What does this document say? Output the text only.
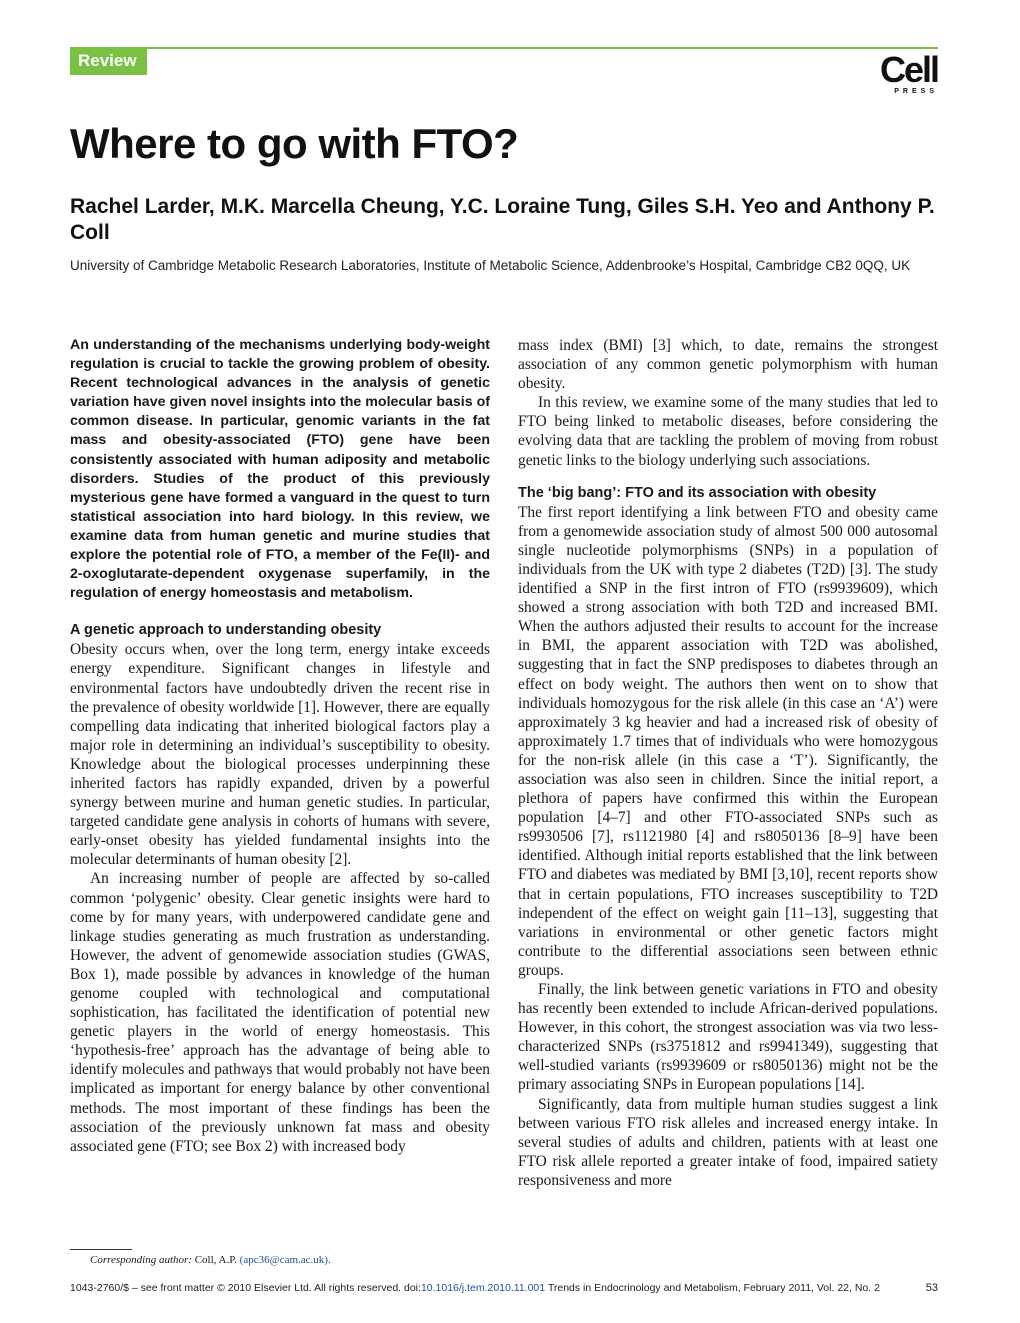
Review	Cell
PRESS
Where to go with FTO?
Rachel Larder, M.K. Marcella Cheung, Y.C. Loraine Tung, Giles S.H. Yeo and Anthony P. Coll
University of Cambridge Metabolic Research Laboratories, Institute of Metabolic Science, Addenbrooke’s Hospital, Cambridge CB2 0QQ, UK

An understanding of the mechanisms underlying body-weight regulation is crucial to tackle the growing problem of obesity. Recent technological advances in the analysis of genetic variation have given novel insights into the molecular basis of common disease. In particular, genomic variants in the fat mass and obesity-associated (FTO) gene have been consistently associated with human adiposity and metabolic disorders. Studies of the product of this previously mysterious gene have formed a vanguard in the quest to turn statistical association into hard biology. In this review, we examine data from human genetic and murine studies that explore the potential role of FTO, a member of the Fe(II)- and 2-oxoglutarate-dependent oxygenase superfamily, in the regulation of energy homeostasis and metabolism.

A genetic approach to understanding obesity

Obesity occurs when, over the long term, energy intake exceeds energy expenditure. Significant changes in lifestyle and environmental factors have undoubtedly driven the recent rise in the prevalence of obesity worldwide [1]. However, there are equally compelling data indicating that inherited biological factors play a major role in determining an individual’s susceptibility to obesity. Knowledge about the biological processes underpinning these inherited factors has rapidly expanded, driven by a powerful synergy between murine and human genetic studies. In particular, targeted candidate gene analysis in cohorts of humans with severe, early-onset obesity has yielded fundamental insights into the molecular determinants of human obesity [2].

An increasing number of people are affected by so-called common ‘polygenic’ obesity. Clear genetic insights were hard to come by for many years, with underpowered candidate gene and linkage studies generating as much frustration as understanding. However, the advent of genomewide association studies (GWAS, Box 1), made possible by advances in knowledge of the human genome coupled with technological and computational sophistication, has facilitated the identification of potential new genetic players in the world of energy homeostasis. This ‘hypothesis-free’ approach has the advantage of being able to identify molecules and pathways that would probably not have been implicated as important for energy balance by other conventional methods. The most important of these findings has been the association of the previously unknown fat mass and obesity associated gene (FTO; see Box 2) with increased body

mass index (BMI) [3] which, to date, remains the strongest association of any common genetic polymorphism with human obesity.

In this review, we examine some of the many studies that led to FTO being linked to metabolic diseases, before considering the evolving data that are tackling the problem of moving from robust genetic links to the biology underlying such associations.

The ‘big bang’: FTO and its association with obesity

The first report identifying a link between FTO and obesity came from a genomewide association study of almost 500 000 autosomal single nucleotide polymorphisms (SNPs) in a population of individuals from the UK with type 2 diabetes (T2D) [3]. The study identified a SNP in the first intron of FTO (rs9939609), which showed a strong association with both T2D and increased BMI. When the authors adjusted their results to account for the increase in BMI, the apparent association with T2D was abolished, suggesting that in fact the SNP predisposes to diabetes through an effect on body weight. The authors then went on to show that individuals homozygous for the risk allele (in this case an ‘A’) were approximately 3 kg heavier and had a increased risk of obesity of approximately 1.7 times that of individuals who were homozygous for the non-risk allele (in this case a ‘T’). Significantly, the association was also seen in children. Since the initial report, a plethora of papers have confirmed this within the European population [4–7] and other FTO-associated SNPs such as rs9930506 [7], rs1121980 [4] and rs8050136 [8–9] have been identified. Although initial reports established that the link between FTO and diabetes was mediated by BMI [3,10], recent reports show that in certain populations, FTO increases susceptibility to T2D independent of the effect on weight gain [11–13], suggesting that variations in environmental or other genetic factors might contribute to the differential associations seen between ethnic groups.

Finally, the link between genetic variations in FTO and obesity has recently been extended to include African-derived populations. However, in this cohort, the strongest association was via two less-characterized SNPs (rs3751812 and rs9941349), suggesting that well-studied variants (rs9939609 or rs8050136) might not be the primary associating SNPs in European populations [14].

Significantly, data from multiple human studies suggest a link between various FTO risk alleles and increased energy intake. In several studies of adults and children, patients with at least one FTO risk allele reported a greater intake of food, impaired satiety responsiveness and more

Corresponding author: Coll, A.P. (apc36@cam.ac.uk).
1043-2760/$ – see front matter © 2010 Elsevier Ltd. All rights reserved. doi:10.1016/j.tem.2010.11.001 Trends in Endocrinology and Metabolism, February 2011, Vol. 22, No. 2	53
